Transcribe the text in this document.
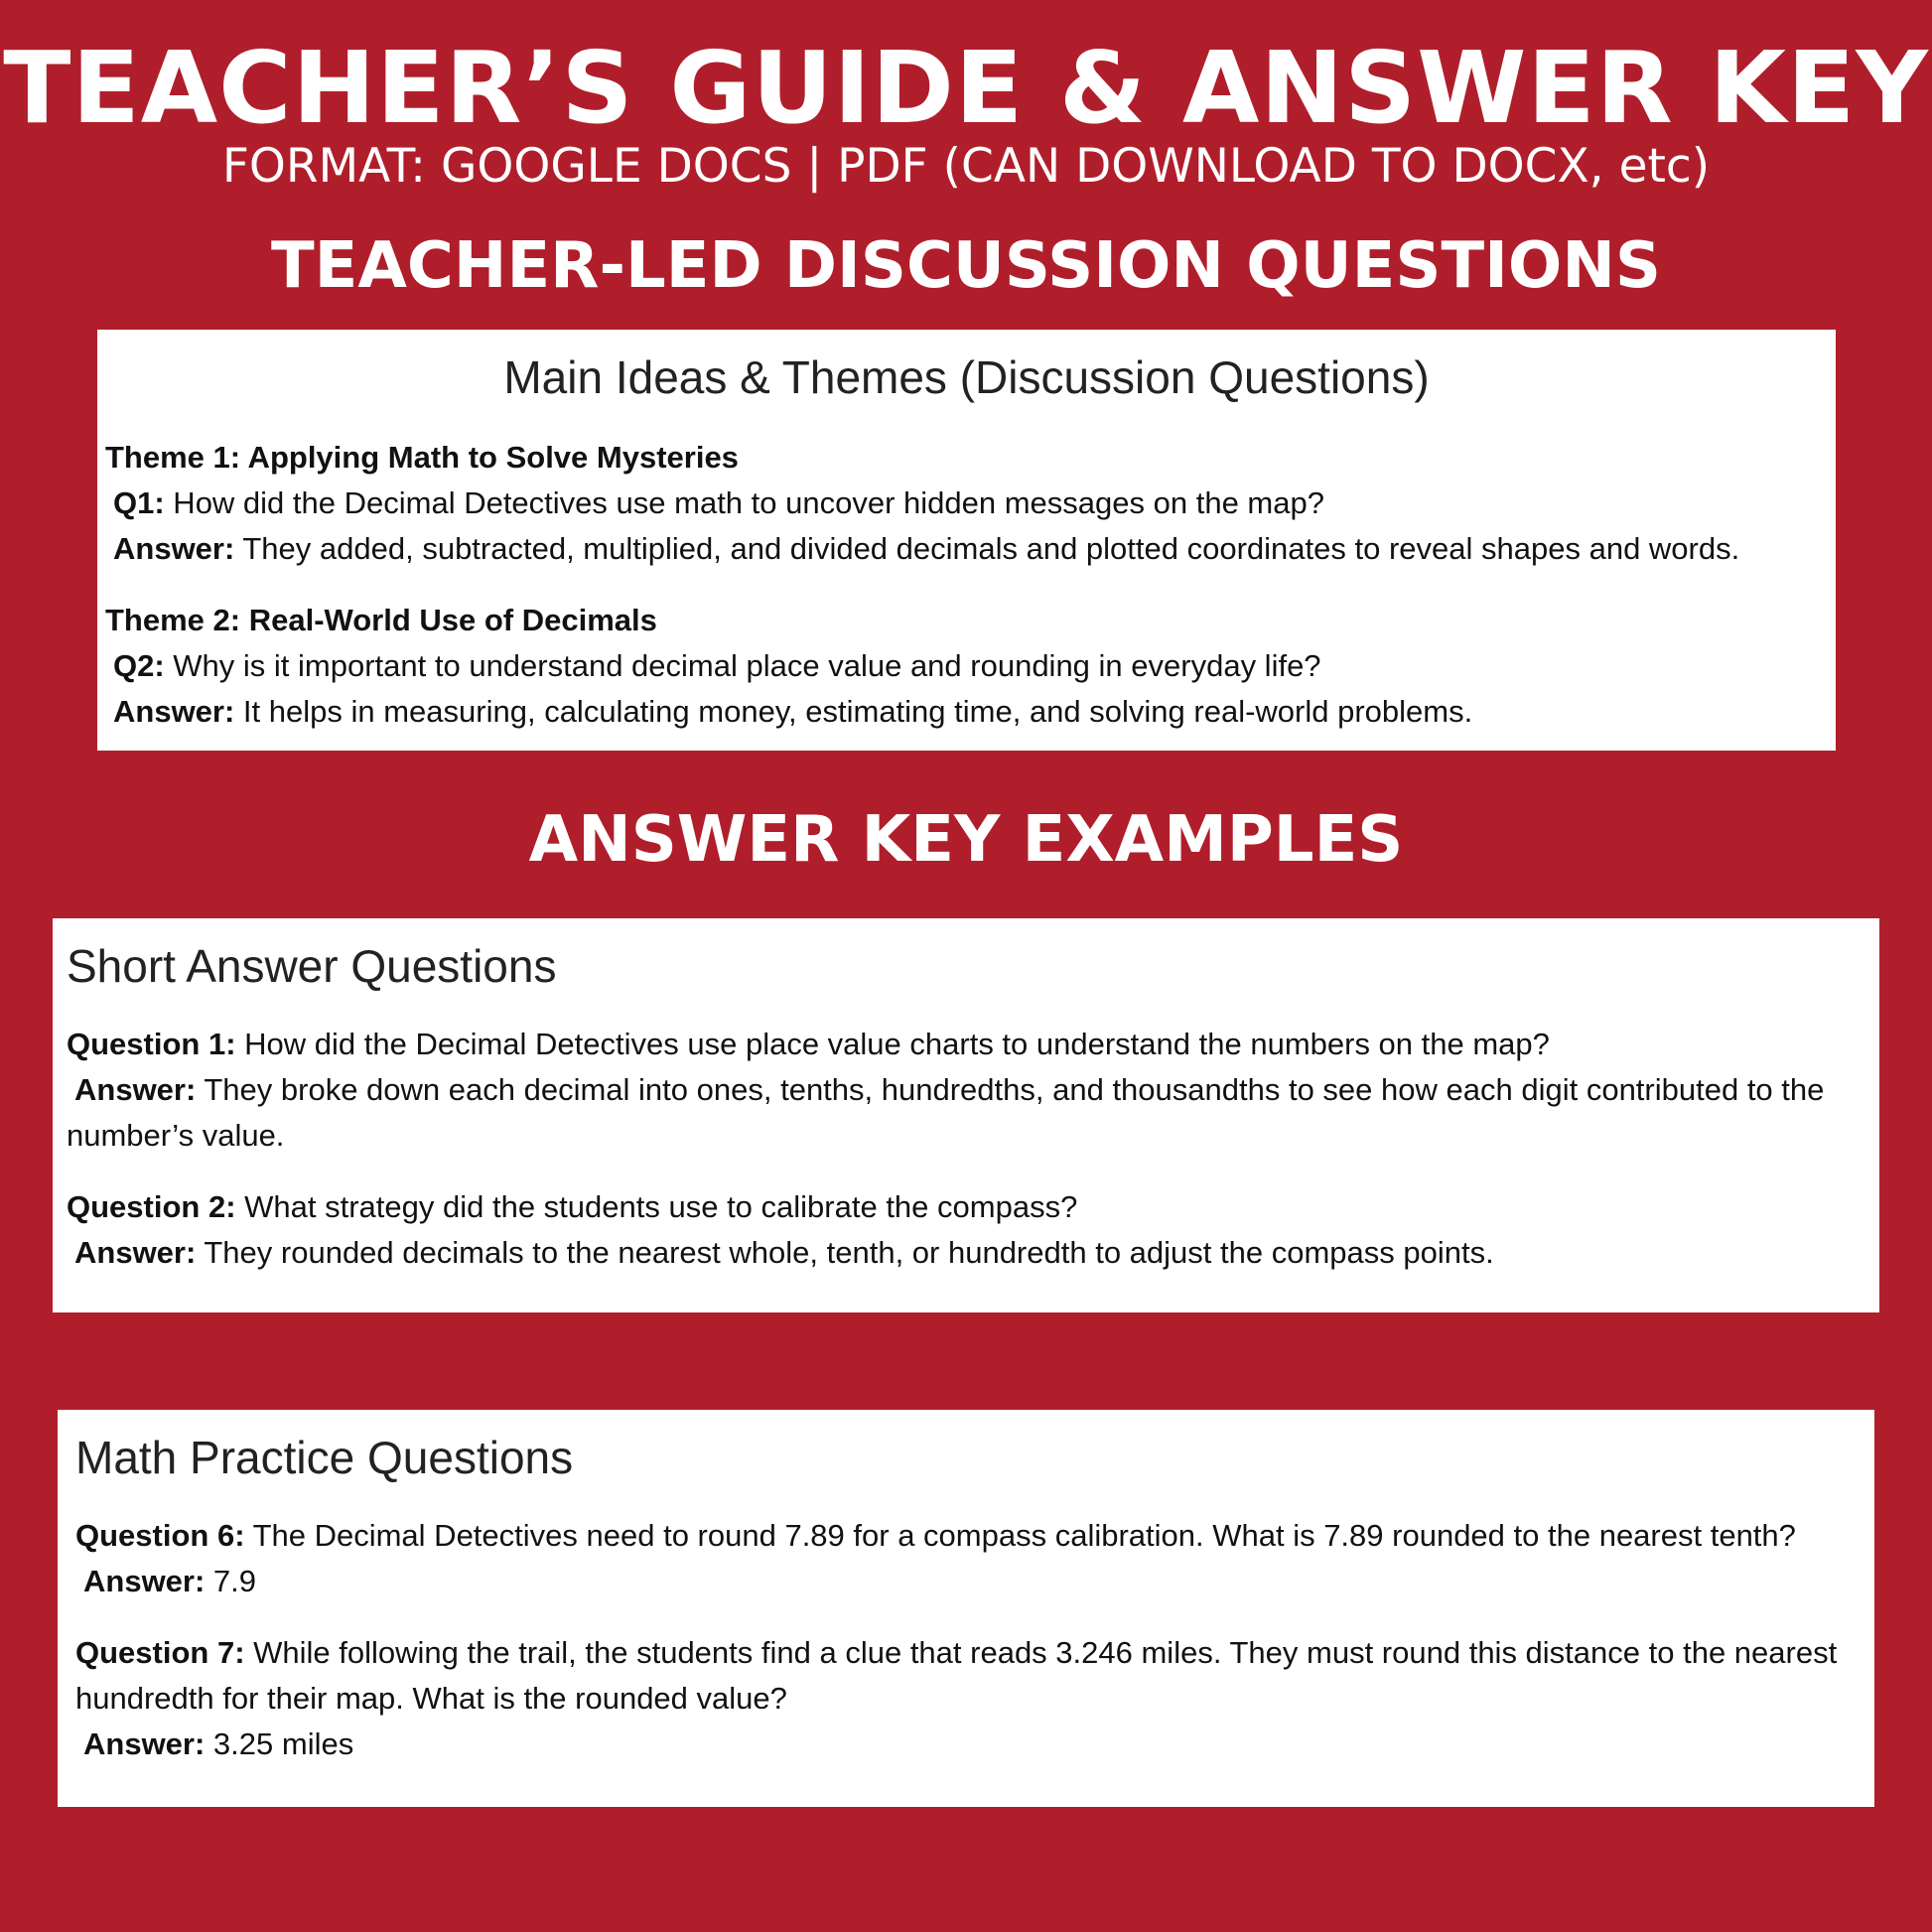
TEACHER’S GUIDE & ANSWER KEY
FORMAT: GOOGLE DOCS | PDF (CAN DOWNLOAD TO DOCX, etc)
TEACHER-LED DISCUSSION QUESTIONS

Main Ideas & Themes (Discussion Questions)

Theme 1: Applying Math to Solve Mysteries

Q1: How did the Decimal Detectives use math to uncover hidden messages on the map?

Answer: They added, subtracted, multiplied, and divided decimals and plotted coordinates to reveal shapes and words.

Theme 2: Real-World Use of Decimals

Q2: Why is it important to understand decimal place value and rounding in everyday life?

Answer: It helps in measuring, calculating money, estimating time, and solving real-world problems.

ANSWER KEY EXAMPLES

Short Answer Questions

Question 1: How did the Decimal Detectives use place value charts to understand the numbers on the map?

Answer: They broke down each decimal into ones, tenths, hundredths, and thousandths to see how each digit contributed to the number’s value.

Question 2: What strategy did the students use to calibrate the compass?

Answer: They rounded decimals to the nearest whole, tenth, or hundredth to adjust the compass points.

Math Practice Questions

Question 6: The Decimal Detectives need to round 7.89 for a compass calibration. What is 7.89 rounded to the nearest tenth?

Answer: 7.9

Question 7: While following the trail, the students find a clue that reads 3.246 miles. They must round this distance to the nearest hundredth for their map. What is the rounded value?

Answer: 3.25 miles
